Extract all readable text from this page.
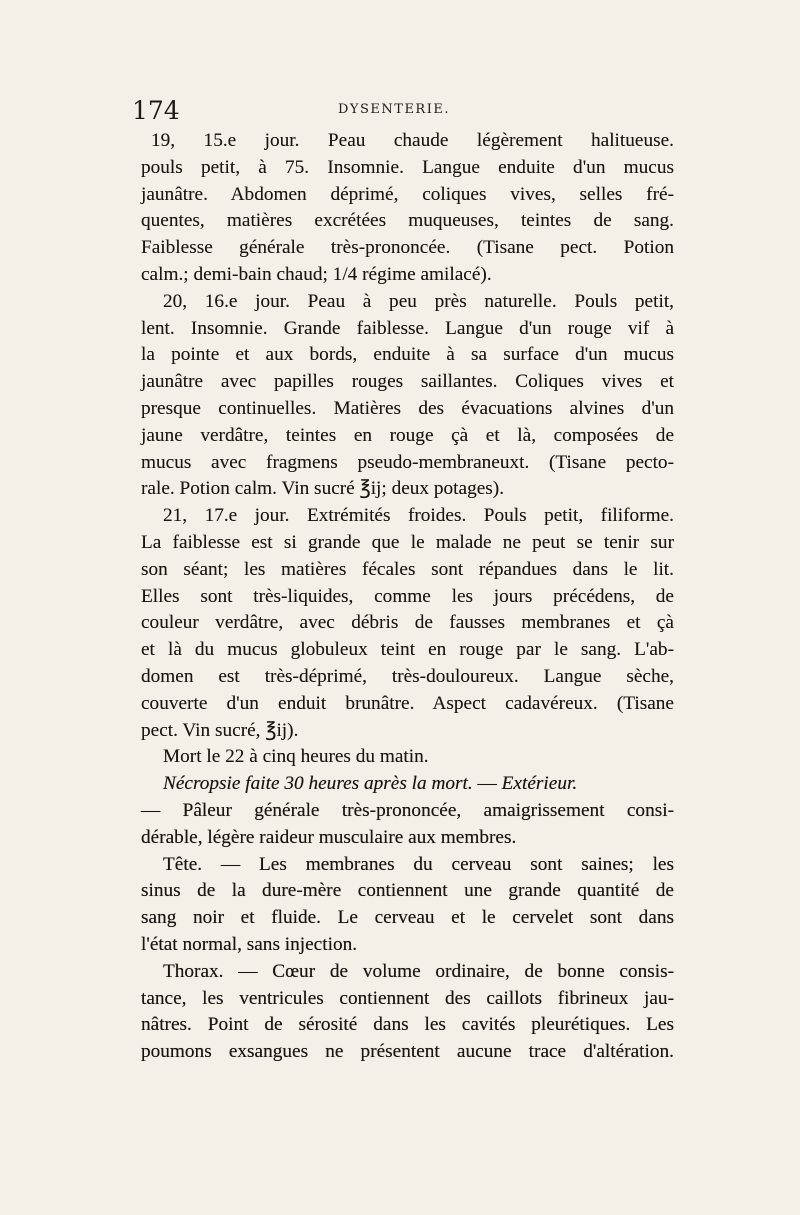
174	DYSENTERIE.
19, 15.e jour. Peau chaude légèrement halitueuse.
pouls petit, à 75. Insomnie. Langue enduite d'un mucus
jaunâtre. Abdomen déprimé, coliques vives, selles fré-
quentes, matières excrétées muqueuses, teintes de sang.
Faiblesse générale très-prononcée. (Tisane pect. Potion
calm.; demi-bain chaud; 1/4 régime amilacé).
20, 16.e jour. Peau à peu près naturelle. Pouls petit,
lent. Insomnie. Grande faiblesse. Langue d'un rouge vif à
la pointe et aux bords, enduite à sa surface d'un mucus
jaunâtre avec papilles rouges saillantes. Coliques vives et
presque continuelles. Matières des évacuations alvines d'un
jaune verdâtre, teintes en rouge çà et là, composées de
mucus avec fragmens pseudo-membraneuxt. (Tisane pecto-
rale. Potion calm. Vin sucré ℥ij; deux potages).
21, 17.e jour. Extrémités froides. Pouls petit, filiforme.
La faiblesse est si grande que le malade ne peut se tenir sur
son séant; les matières fécales sont répandues dans le lit.
Elles sont très-liquides, comme les jours précédens, de
couleur verdâtre, avec débris de fausses membranes et çà
et là du mucus globuleux teint en rouge par le sang. L'ab-
domen est très-déprimé, très-douloureux. Langue sèche,
couverte d'un enduit brunâtre. Aspect cadavéreux. (Tisane
pect. Vin sucré, ℥ij).
Mort le 22 à cinq heures du matin.
Nécropsie faite 30 heures après la mort. — Extérieur.
— Pâleur générale très-prononcée, amaigrissement consi-
dérable, légère raideur musculaire aux membres.
Tête. — Les membranes du cerveau sont saines; les
sinus de la dure-mère contiennent une grande quantité de
sang noir et fluide. Le cerveau et le cervelet sont dans
l'état normal, sans injection.
Thorax. — Cœur de volume ordinaire, de bonne consis-
tance, les ventricules contiennent des caillots fibrineux jau-
nâtres. Point de sérosité dans les cavités pleurétiques. Les
poumons exsangues ne présentent aucune trace d'altération.
